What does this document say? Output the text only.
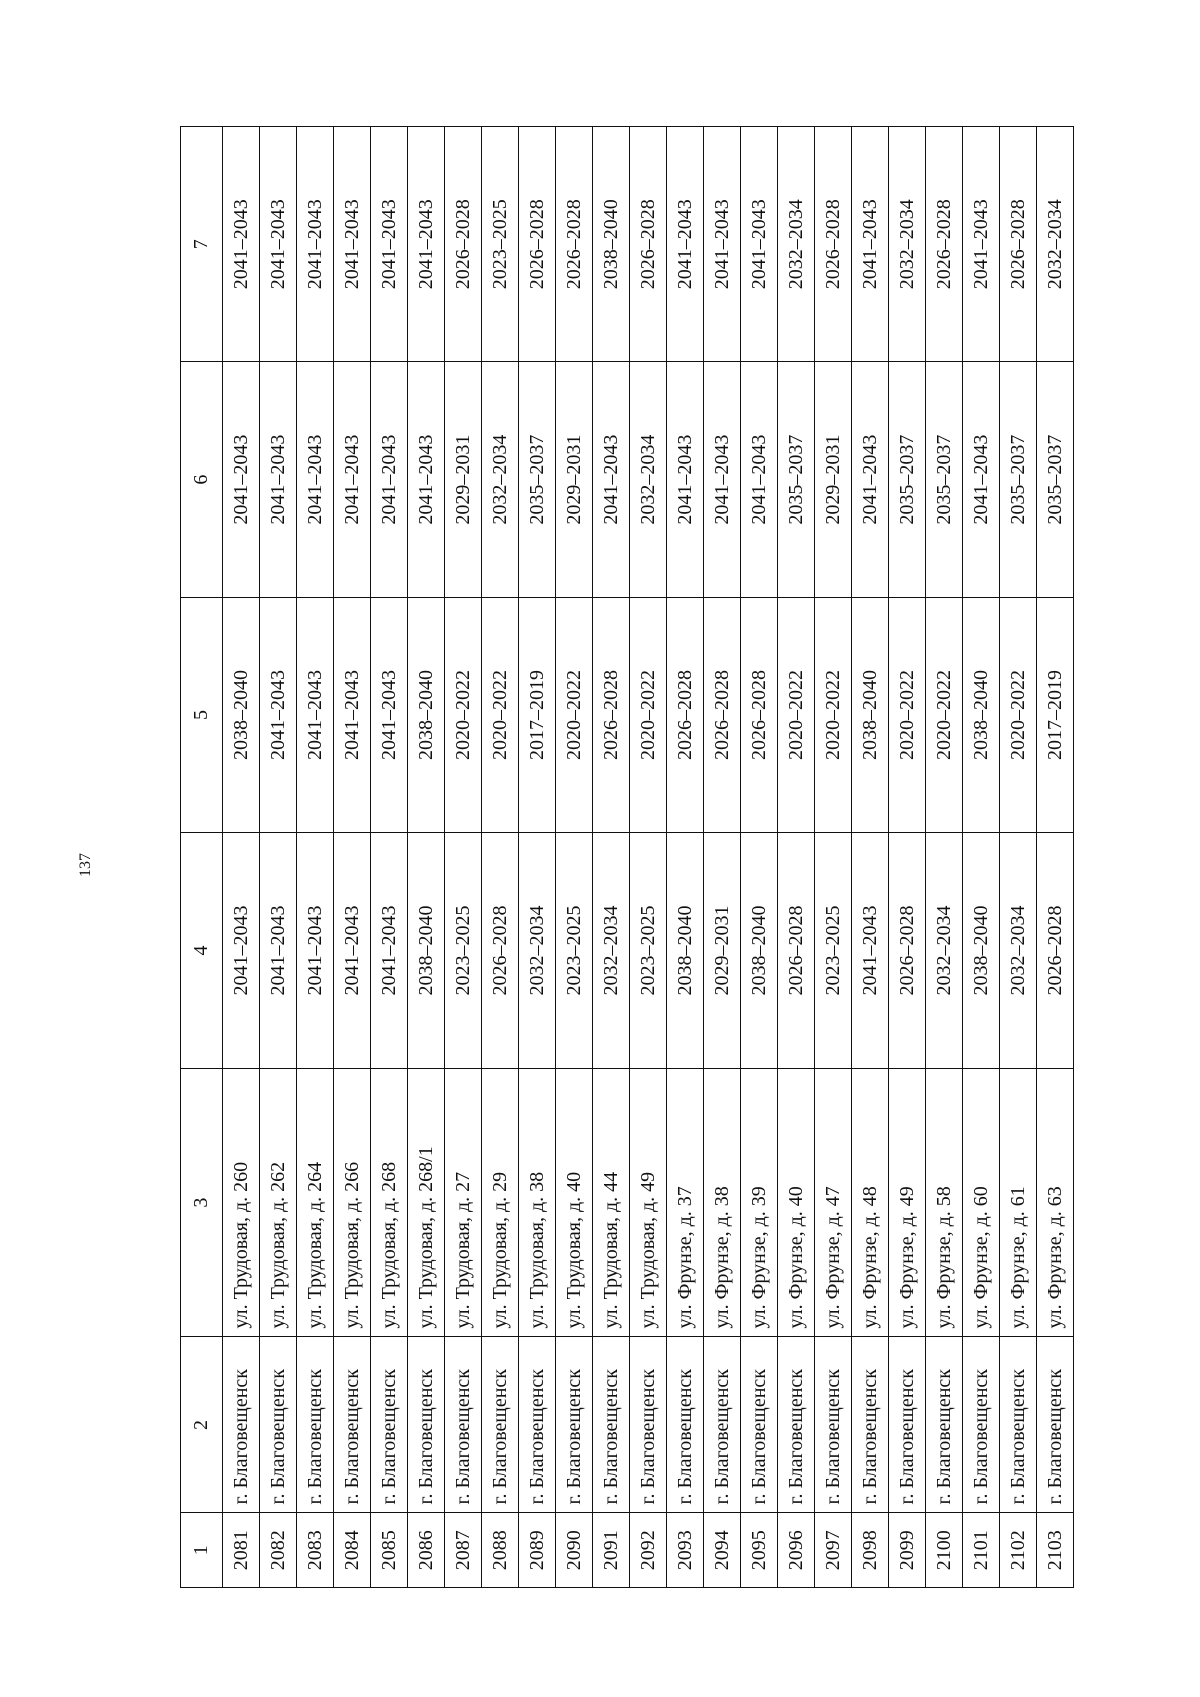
137
1	2	3	4	5	6	7
2081	г. Благовещенск	ул. Трудовая, д. 260	2041–2043	2038–2040	2041–2043	2041–2043
2082	г. Благовещенск	ул. Трудовая, д. 262	2041–2043	2041–2043	2041–2043	2041–2043
2083	г. Благовещенск	ул. Трудовая, д. 264	2041–2043	2041–2043	2041–2043	2041–2043
2084	г. Благовещенск	ул. Трудовая, д. 266	2041–2043	2041–2043	2041–2043	2041–2043
2085	г. Благовещенск	ул. Трудовая, д. 268	2041–2043	2041–2043	2041–2043	2041–2043
2086	г. Благовещенск	ул. Трудовая, д. 268/1	2038–2040	2038–2040	2041–2043	2041–2043
2087	г. Благовещенск	ул. Трудовая, д. 27	2023–2025	2020–2022	2029–2031	2026–2028
2088	г. Благовещенск	ул. Трудовая, д. 29	2026–2028	2020–2022	2032–2034	2023–2025
2089	г. Благовещенск	ул. Трудовая, д. 38	2032–2034	2017–2019	2035–2037	2026–2028
2090	г. Благовещенск	ул. Трудовая, д. 40	2023–2025	2020–2022	2029–2031	2026–2028
2091	г. Благовещенск	ул. Трудовая, д. 44	2032–2034	2026–2028	2041–2043	2038–2040
2092	г. Благовещенск	ул. Трудовая, д. 49	2023–2025	2020–2022	2032–2034	2026–2028
2093	г. Благовещенск	ул. Фрунзе, д. 37	2038–2040	2026–2028	2041–2043	2041–2043
2094	г. Благовещенск	ул. Фрунзе, д. 38	2029–2031	2026–2028	2041–2043	2041–2043
2095	г. Благовещенск	ул. Фрунзе, д. 39	2038–2040	2026–2028	2041–2043	2041–2043
2096	г. Благовещенск	ул. Фрунзе, д. 40	2026–2028	2020–2022	2035–2037	2032–2034
2097	г. Благовещенск	ул. Фрунзе, д. 47	2023–2025	2020–2022	2029–2031	2026–2028
2098	г. Благовещенск	ул. Фрунзе, д. 48	2041–2043	2038–2040	2041–2043	2041–2043
2099	г. Благовещенск	ул. Фрунзе, д. 49	2026–2028	2020–2022	2035–2037	2032–2034
2100	г. Благовещенск	ул. Фрунзе, д. 58	2032–2034	2020–2022	2035–2037	2026–2028
2101	г. Благовещенск	ул. Фрунзе, д. 60	2038–2040	2038–2040	2041–2043	2041–2043
2102	г. Благовещенск	ул. Фрунзе, д. 61	2032–2034	2020–2022	2035–2037	2026–2028
2103	г. Благовещенск	ул. Фрунзе, д. 63	2026–2028	2017–2019	2035–2037	2032–2034
